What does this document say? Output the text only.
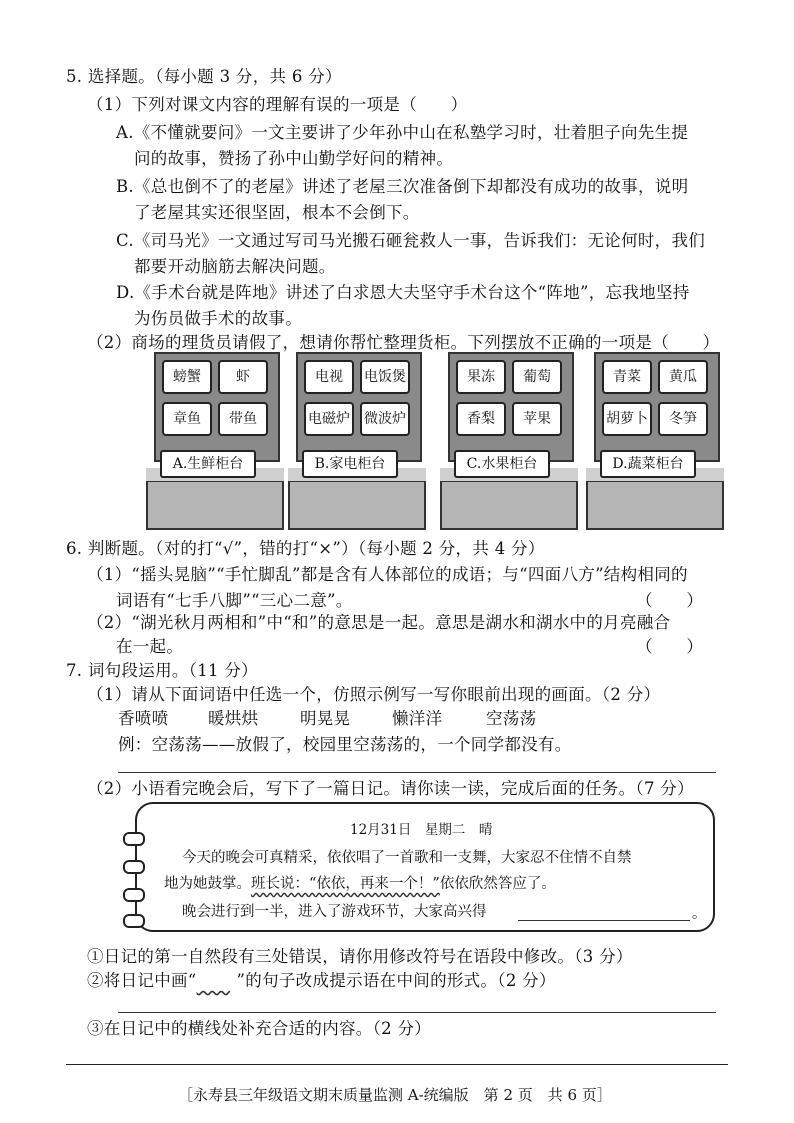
5. 选择题。（每小题 3 分，共 6 分）
（1）下列对课文内容的理解有误的一项是（　　）
A.《不懂就要问》一文主要讲了少年孙中山在私塾学习时，壮着胆子向先生提
问的故事，赞扬了孙中山勤学好问的精神。
B.《总也倒不了的老屋》讲述了老屋三次准备倒下却都没有成功的故事，说明
了老屋其实还很坚固，根本不会倒下。
C.《司马光》一文通过写司马光搬石砸瓮救人一事，告诉我们：无论何时，我们
都要开动脑筋去解决问题。
D.《手术台就是阵地》讲述了白求恩大夫坚守手术台这个“阵地”，忘我地坚持
为伤员做手术的故事。
（2）商场的理货员请假了，想请你帮忙整理货柜。下列摆放不正确的一项是（　　）
螃蟹	虾
章鱼	带鱼
A.生鲜柜台
电视	电饭煲
电磁炉 微波炉
B.家电柜台
果冻	葡萄
香梨	苹果
C.水果柜台
青菜	黄瓜
胡萝卜	冬笋
D.蔬菜柜台
6. 判断题。（对的打“√”，错的打“×”）（每小题 2 分，共 4 分）
（1）“摇头晃脑”“手忙脚乱”都是含有人体部位的成语；与“四面八方”结构相同的
词语有“七手八脚”“三心二意”。	（　　）
（2）“湖光秋月两相和”中“和”的意思是一起。意思是湖水和湖水中的月亮融合
在一起。	（　　）
7. 词句段运用。（11 分）
（1）请从下面词语中任选一个，仿照示例写一写你眼前出现的画面。（2 分）
香喷喷 暖烘烘	明晃晃	懒洋洋	空荡荡
例：空荡荡——放假了，校园里空荡荡的，一个同学都没有。
（2）小语看完晚会后，写下了一篇日记。请你读一读，完成后面的任务。（7 分）
12月31日　星期二　晴
今天的晚会可真精采，依依唱了一首歌和一支舞，大家忍不住情不自禁
地为她鼓掌。班长说：“依依，再来一个！”依依欣然答应了。
晚会进行到一半，进入了游戏环节，大家高兴得	。
①日记的第一自然段有三处错误，请你用修改符号在语段中修改。（3 分）
②将日记中画“　　 ”的句子改成提示语在中间的形式。（2 分）
③在日记中的横线处补充合适的内容。（2 分）
［永寿县三年级语文期末质量监测 A-统编版　第 2 页　共 6 页］
